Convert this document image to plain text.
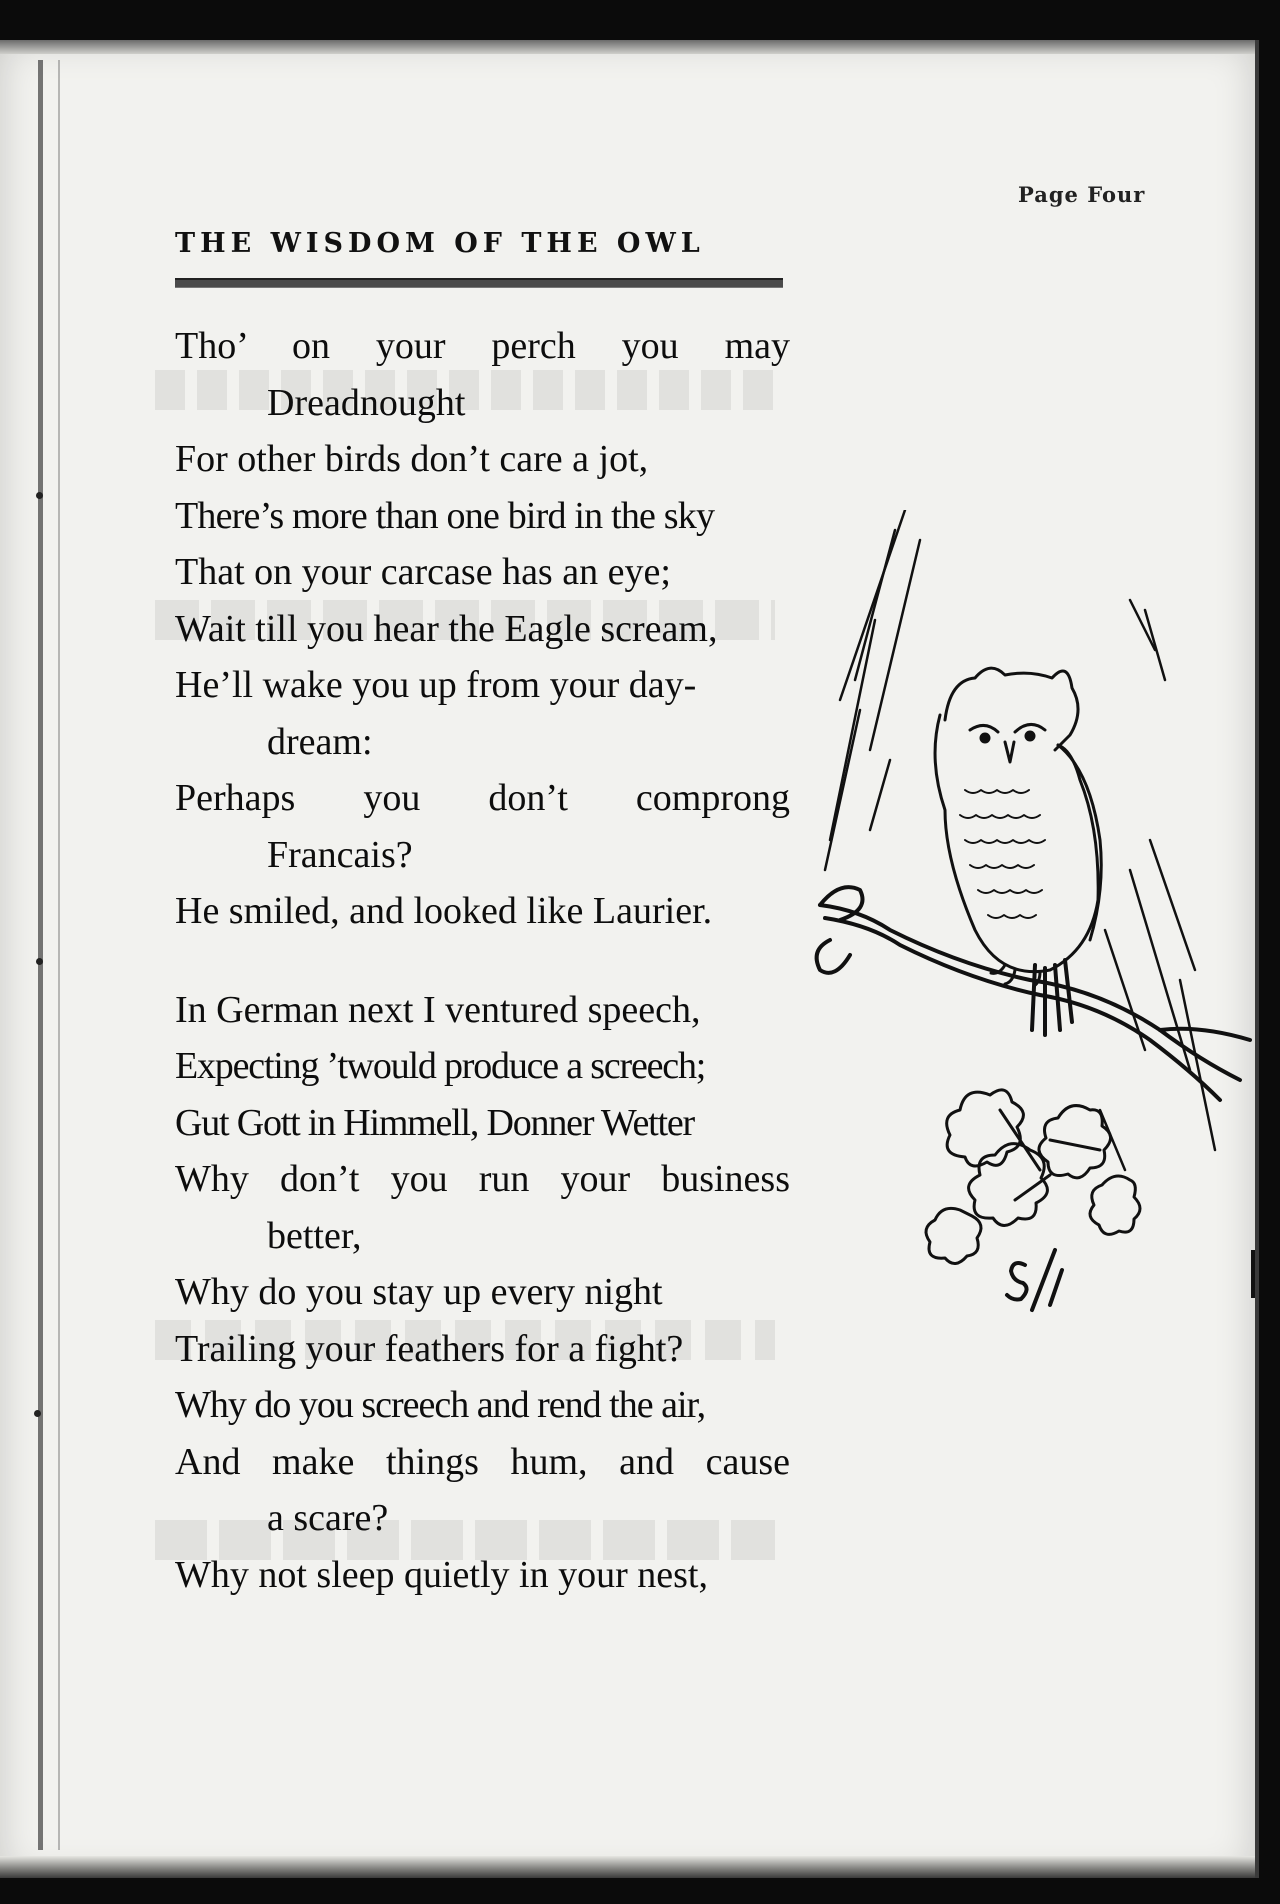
Page Four
THE WISDOM OF THE OWL
Tho’ on your perch you may
Dreadnought
For other birds don’t care a jot,
There’s more than one bird in the sky
That on your carcase has an eye;
Wait till you hear the Eagle scream,
He’ll wake you up from your day-
dream:
Perhaps you don’t comprong
Francais?
He smiled, and looked like Laurier.
In German next I ventured speech,
Expecting ’twould produce a screech;
Gut Gott in Himmell, Donner Wetter
Why don’t you run your business
better,
Why do you stay up every night
Trailing your feathers for a fight?
Why do you screech and rend the air,
And make things hum, and cause
a scare?
Why not sleep quietly in your nest,
